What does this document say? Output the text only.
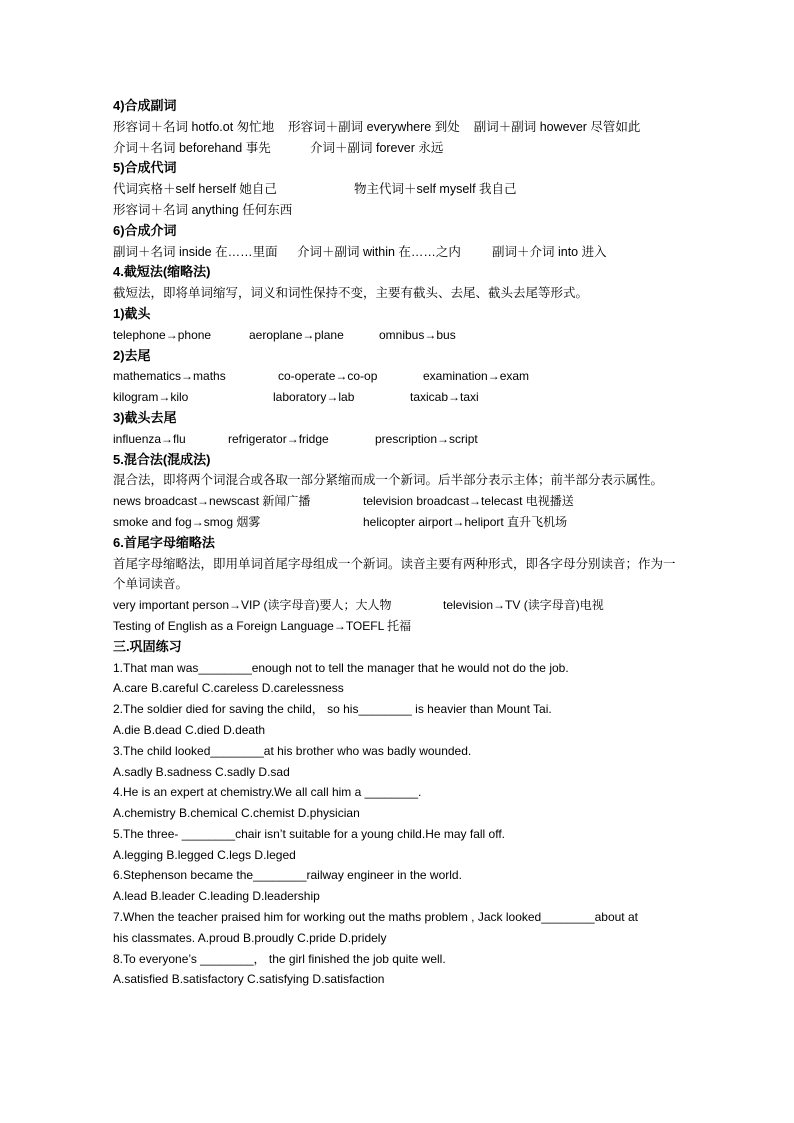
4)合成副词
形容词＋名词 hotfo.ot 匆忙地 形容词＋副词 everywhere 到处 副词＋副词 however 尽管如此
介词＋名词 beforehand 事先	介词＋副词 forever 永远
5)合成代词
代词宾格＋self herself 她自己	物主代词＋self myself 我自己
形容词＋名词 anything 任何东西
6)合成介词
副词＋名词 inside 在……里面 介词＋副词 within 在……之内 副词＋介词 into 进入
4.截短法(缩略法)
截短法，即将单词缩写，词义和词性保持不变，主要有截头、去尾、截头去尾等形式。
1)截头
telephone→phone	aeroplane→plane	omnibus→bus
2)去尾
mathematics→maths	co-operate→co-op	examination→exam
kilogram→kilo	laboratory→lab	taxicab→taxi
3)截头去尾
influenza→flu	refrigerator→fridge	prescription→script
5.混合法(混成法)
混合法，即将两个词混合或各取一部分紧缩而成一个新词。后半部分表示主体；前半部分表示属性。
news broadcast→newscast 新闻广播	television broadcast→telecast 电视播送
smoke and fog→smog 烟雾	helicopter airport→heliport 直升飞机场
6.首尾字母缩略法
首尾字母缩略法，即用单词首尾字母组成一个新词。读音主要有两种形式，即各字母分别读音；作为一个单词读音。
very important person→VIP (读字母音)要人；大人物	television→TV (读字母音)电视
Testing of English as a Foreign Language→TOEFL 托福
三.巩固练习
1.That man was________enough not to tell the manager that he would not do the job.
A.care B.careful C.careless D.carelessness
2.The soldier died for saving the child， so his________ is heavier than Mount Tai.
A.die B.dead C.died D.death
3.The child looked________at his brother who was badly wounded.
A.sadly B.sadness C.sadly D.sad
4.He is an expert at chemistry.We all call him a ________.
A.chemistry B.chemical C.chemist D.physician
5.The three- ________chair isn’t suitable for a young child.He may fall off.
A.legging B.legged C.legs D.leged
6.Stephenson became the________railway engineer in the world.
A.lead B.leader C.leading D.leadership
7.When the teacher praised him for working out the maths problem , Jack looked________about at
his classmates. A.proud B.proudly C.pride D.pridely
8.To everyone’s ________， the girl finished the job quite well.
A.satisfied B.satisfactory C.satisfying D.satisfaction
